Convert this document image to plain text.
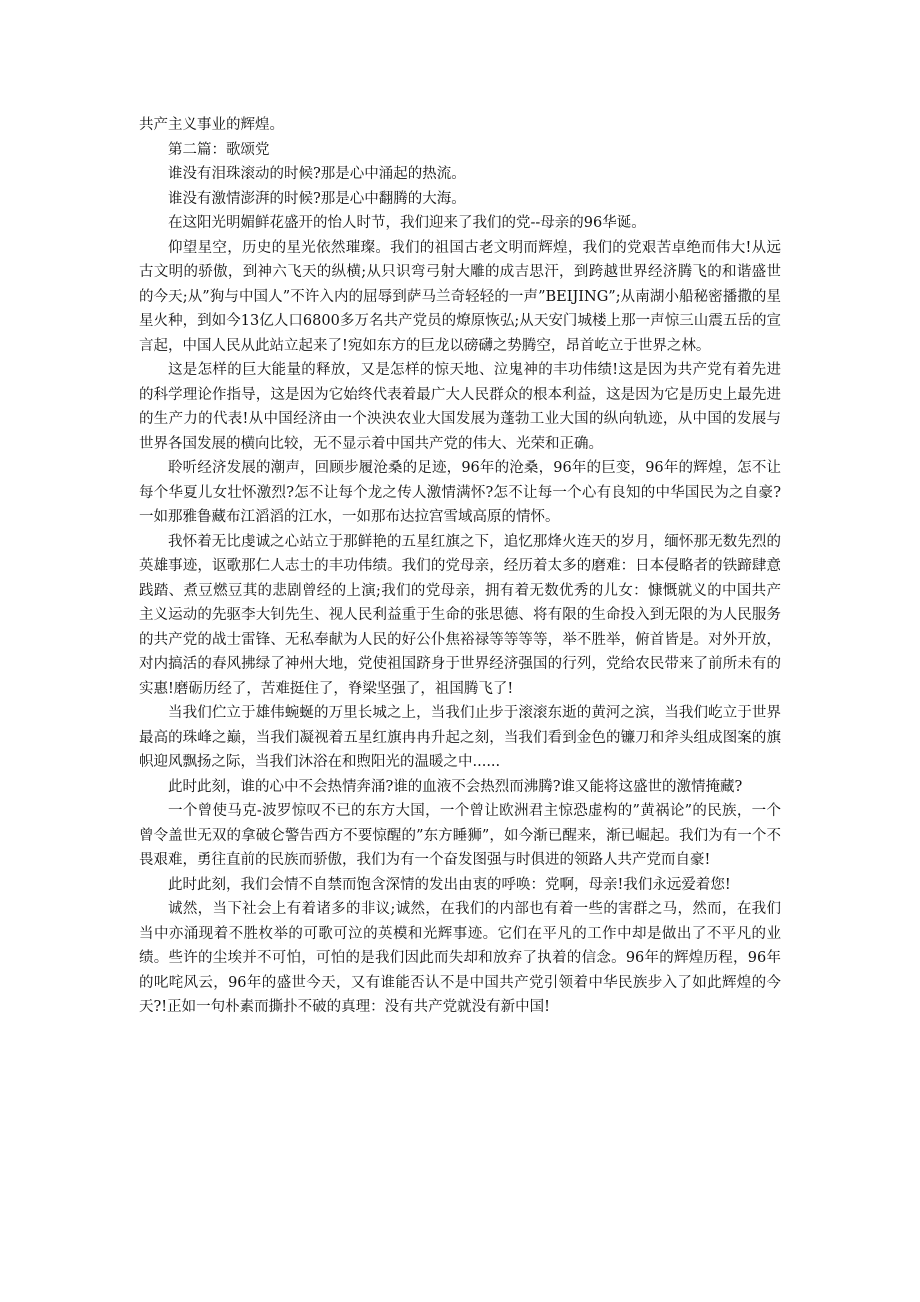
共产主义事业的辉煌。

第二篇：歌颂党

谁没有泪珠滚动的时候?那是心中涌起的热流。

谁没有激情澎湃的时候?那是心中翻腾的大海。

在这阳光明媚鲜花盛开的怡人时节，我们迎来了我们的党--母亲的96华诞。

仰望星空，历史的星光依然璀璨。我们的祖国古老文明而辉煌，我们的党艰苦卓绝而伟大!从远古文明的骄傲，到神六飞天的纵横;从只识弯弓射大雕的成吉思汗，到跨越世界经济腾飞的和谐盛世的今天;从”狗与中国人”不许入内的屈辱到萨马兰奇轻轻的一声”BEIJING”;从南湖小船秘密播撒的星星火种，到如今13亿人口6800多万名共产党员的燎原恢弘;从天安门城楼上那一声惊三山震五岳的宣言起，中国人民从此站立起来了!宛如东方的巨龙以磅礴之势腾空，昂首屹立于世界之林。

这是怎样的巨大能量的释放，又是怎样的惊天地、泣鬼神的丰功伟绩!这是因为共产党有着先进的科学理论作指导，这是因为它始终代表着最广大人民群众的根本利益，这是因为它是历史上最先进的生产力的代表!从中国经济由一个泱泱农业大国发展为蓬勃工业大国的纵向轨迹，从中国的发展与世界各国发展的横向比较，无不显示着中国共产党的伟大、光荣和正确。

聆听经济发展的潮声，回顾步履沧桑的足迹，96年的沧桑，96年的巨变，96年的辉煌，怎不让每个华夏儿女壮怀激烈?怎不让每个龙之传人激情满怀?怎不让每一个心有良知的中华国民为之自豪?一如那雅鲁藏布江滔滔的江水，一如那布达拉宫雪域高原的情怀。

我怀着无比虔诚之心站立于那鲜艳的五星红旗之下，追忆那烽火连天的岁月，缅怀那无数先烈的英雄事迹，讴歌那仁人志士的丰功伟绩。我们的党母亲，经历着太多的磨难：日本侵略者的铁蹄肆意践踏、煮豆燃豆萁的悲剧曾经的上演;我们的党母亲，拥有着无数优秀的儿女：慷慨就义的中国共产主义运动的先驱李大钊先生、视人民利益重于生命的张思德、将有限的生命投入到无限的为人民服务的共产党的战士雷锋、无私奉献为人民的好公仆焦裕禄等等等等，举不胜举，俯首皆是。对外开放，对内搞活的春风拂绿了神州大地，党使祖国跻身于世界经济强国的行列，党给农民带来了前所未有的实惠!磨砺历经了，苦难挺住了，脊梁坚强了，祖国腾飞了!

当我们伫立于雄伟蜿蜒的万里长城之上，当我们止步于滚滚东逝的黄河之滨，当我们屹立于世界最高的珠峰之巅，当我们凝视着五星红旗冉冉升起之刻，当我们看到金色的镰刀和斧头组成图案的旗帜迎风飘扬之际，当我们沐浴在和煦阳光的温暖之中......

此时此刻，谁的心中不会热情奔涌?谁的血液不会热烈而沸腾?谁又能将这盛世的激情掩藏?

一个曾使马克-波罗惊叹不已的东方大国，一个曾让欧洲君主惊恐虚构的”黄祸论”的民族，一个曾令盖世无双的拿破仑警告西方不要惊醒的”东方睡狮”，如今渐已醒来，渐已崛起。我们为有一个不畏艰难，勇往直前的民族而骄傲，我们为有一个奋发图强与时俱进的领路人共产党而自豪!

此时此刻，我们会情不自禁而饱含深情的发出由衷的呼唤：党啊，母亲!我们永远爱着您!

诚然，当下社会上有着诸多的非议;诚然，在我们的内部也有着一些的害群之马，然而，在我们当中亦涌现着不胜枚举的可歌可泣的英模和光辉事迹。它们在平凡的工作中却是做出了不平凡的业绩。些许的尘埃并不可怕，可怕的是我们因此而失却和放弃了执着的信念。96年的辉煌历程，96年的叱咤风云，96年的盛世今天，又有谁能否认不是中国共产党引领着中华民族步入了如此辉煌的今天?!正如一句朴素而撕扑不破的真理：没有共产党就没有新中国!
